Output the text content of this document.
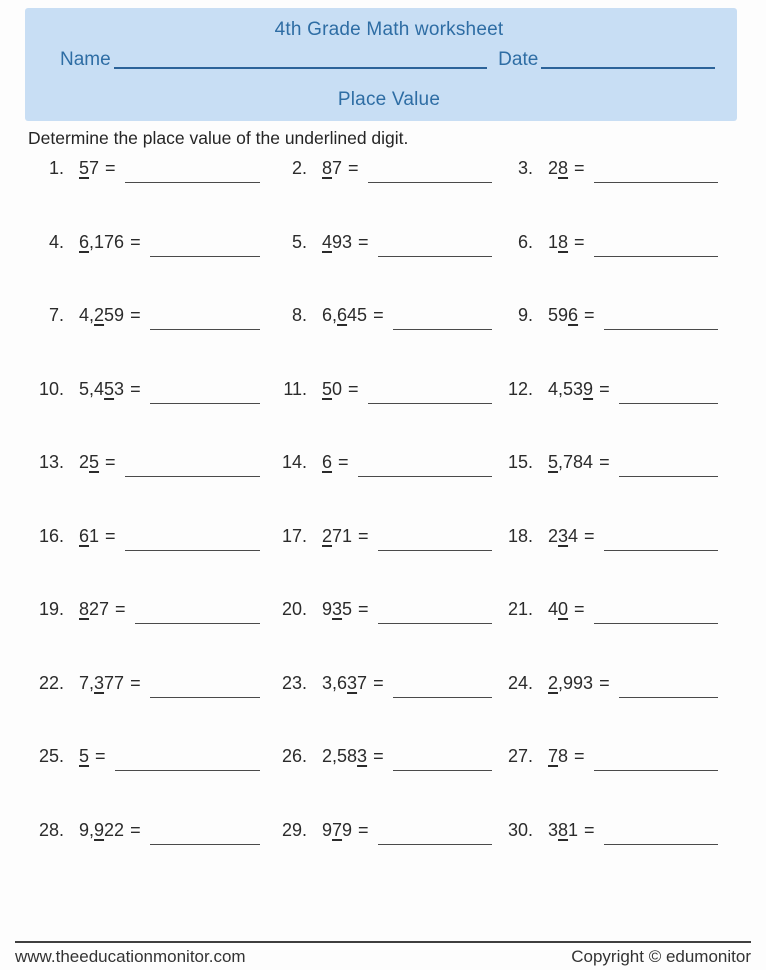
4th Grade Math worksheet
Name	Date
Place Value
Determine the place value of the underlined digit.
1. 57 =	2. 87 =	3. 28 =
4. 6,176 =	5. 493 =	6. 18 =
7. 4,259 =	8. 6,645 =	9. 596 =
10. 5,453 =	11. 50 =	12. 4,539 =
13. 25 =	14. 6 =	15. 5,784 =
16. 61 =	17. 271 =	18. 234 =
19. 827 =	20. 935 =	21. 40 =
22. 7,377 =	23. 3,637 =	24. 2,993 =
25. 5 =	26. 2,583 =	27. 78 =
28. 9,922 =	29. 979 =	30. 381 =
www.theeducationmonitor.com	Copyright © edumonitor
